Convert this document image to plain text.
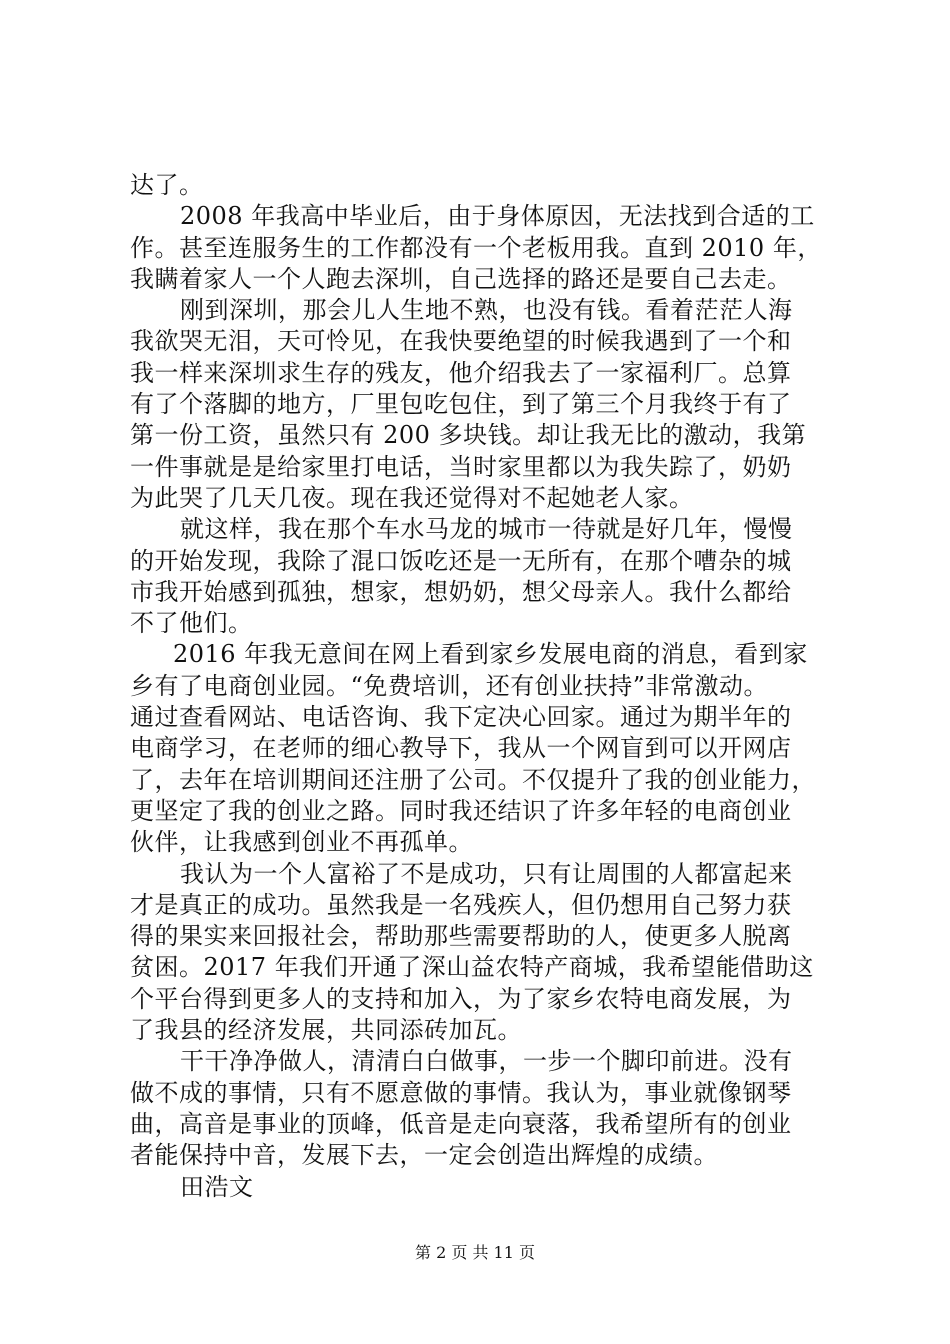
达了。
2008 年我高中毕业后，由于身体原因，无法找到合适的工
作。甚至连服务生的工作都没有一个老板用我。直到 2010 年，
我瞒着家人一个人跑去深圳，自己选择的路还是要自己去走。
刚到深圳，那会儿人生地不熟，也没有钱。看着茫茫人海
我欲哭无泪，天可怜见，在我快要绝望的时候我遇到了一个和
我一样来深圳求生存的残友，他介绍我去了一家福利厂。总算
有了个落脚的地方，厂里包吃包住，到了第三个月我终于有了
第一份工资，虽然只有 200 多块钱。却让我无比的激动，我第
一件事就是是给家里打电话，当时家里都以为我失踪了，奶奶
为此哭了几天几夜。现在我还觉得对不起她老人家。
就这样，我在那个车水马龙的城市一待就是好几年，慢慢
的开始发现，我除了混口饭吃还是一无所有，在那个嘈杂的城
市我开始感到孤独，想家，想奶奶，想父母亲人。我什么都给
不了他们。
2016 年我无意间在网上看到家乡发展电商的消息，看到家
乡有了电商创业园。“免费培训，还有创业扶持”非常激动。
通过查看网站、电话咨询、我下定决心回家。通过为期半年的
电商学习，在老师的细心教导下，我从一个网盲到可以开网店
了，去年在培训期间还注册了公司。不仅提升了我的创业能力，
更坚定了我的创业之路。同时我还结识了许多年轻的电商创业
伙伴，让我感到创业不再孤单。
我认为一个人富裕了不是成功，只有让周围的人都富起来
才是真正的成功。虽然我是一名残疾人，但仍想用自己努力获
得的果实来回报社会，帮助那些需要帮助的人，使更多人脱离
贫困。2017 年我们开通了深山益农特产商城，我希望能借助这
个平台得到更多人的支持和加入，为了家乡农特电商发展，为
了我县的经济发展，共同添砖加瓦。
干干净净做人，清清白白做事，一步一个脚印前进。没有
做不成的事情，只有不愿意做的事情。我认为，事业就像钢琴
曲，高音是事业的顶峰，低音是走向衰落，我希望所有的创业
者能保持中音，发展下去，一定会创造出辉煌的成绩。
田浩文
第 2 页 共 11 页
